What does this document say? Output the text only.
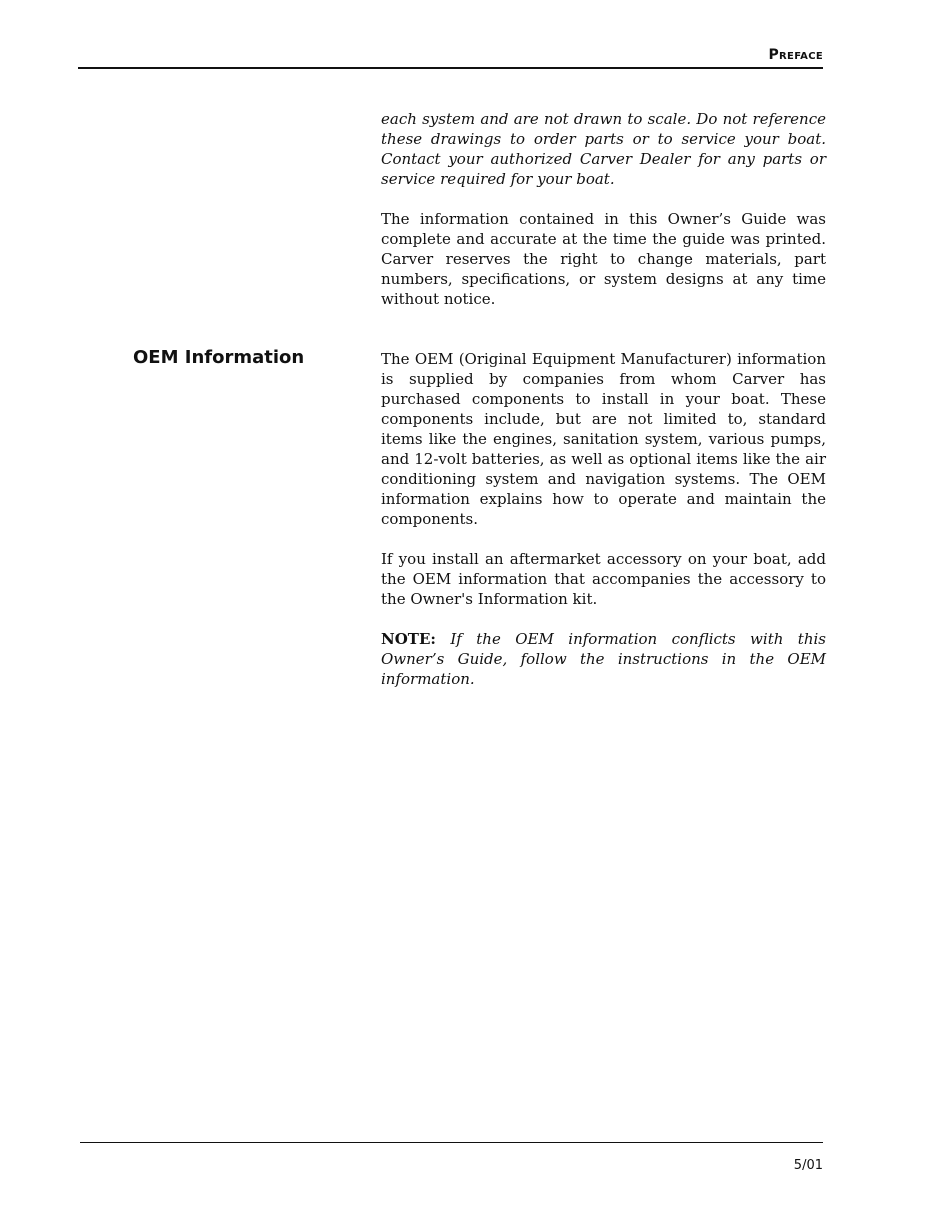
Preface
OEM Information

each system and are not drawn to scale. Do not reference these drawings to order parts or to service your boat. Contact your authorized Carver Dealer for any parts or service required for your boat.

The information contained in this Owner’s Guide was complete and accurate at the time the guide was printed. Carver reserves the right to change materials, part numbers, specifications, or system designs at any time without notice.

The OEM (Original Equipment Manufacturer) information is supplied by companies from whom Carver has purchased components to install in your boat. These components include, but are not limited to, standard items like the engines, sanitation system, various pumps, and 12-volt batteries, as well as optional items like the air conditioning system and navigation systems. The OEM information explains how to operate and maintain the components.

If you install an aftermarket accessory on your boat, add the OEM information that accompanies the accessory to the Owner's Information kit.

NOTE: If the OEM information conflicts with this Owner’s Guide, follow the instructions in the OEM information.

5/01
